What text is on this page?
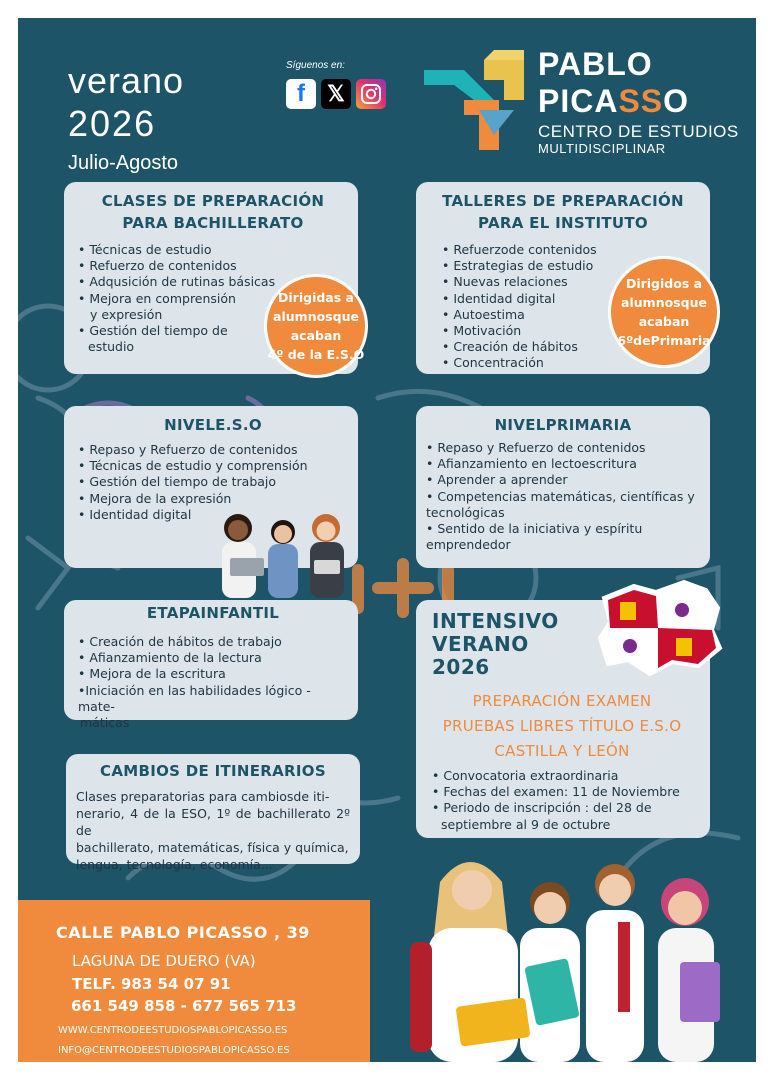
verano
2026
Julio-Agosto
Síguenos en:
f	𝕏
PABLO
PICASSO
CENTRO DE ESTUDIOS
MULTIDISCIPLINAR
CLASES DE PREPARACIÓN
PARA BACHILLERATO
• Técnicas de estudio
• Refuerzo de contenidos
• Adqusición de rutinas básicas
• Mejora en comprensión
y expresión
• Gestión del tiempo de
estudio
Dirigidas a
alumnosque
acaban
4º de la E.S.O
TALLERES DE PREPARACIÓN
PARA EL INSTITUTO
• Refuerzode contenidos
• Estrategias de estudio
• Nuevas relaciones
• Identidad digital
• Autoestima
• Motivación
• Creación de hábitos
• Concentración
Dirigidos a
alumnosque
acaban
6ºdePrimaria
NIVELE.S.O
• Repaso y Refuerzo de contenidos
• Técnicas de estudio y comprensión
• Gestión del tiempo de trabajo
• Mejora de la expresión
• Identidad digital
NIVELPRIMARIA
• Repaso y Refuerzo de contenidos
• Afianzamiento en lectoescritura
• Aprender a aprender
• Competencias matemáticas, científicas y
tecnológicas
• Sentido de la iniciativa y espíritu
emprendedor
ETAPAINFANTIL
• Creación de hábitos de trabajo
• Afianzamiento de la lectura
• Mejora de la escritura
•Iniciación en las habilidades lógico - mate-
máticas
INTENSIVO
VERANO
2026
PREPARACIÓN EXAMEN
PRUEBAS LIBRES TÍTULO E.S.O
CASTILLA Y LEÓN
• Convocatoria extraordinaria
• Fechas del examen: 11 de Noviembre
• Periodo de inscripción : del 28 de
septiembre al 9 de octubre
CAMBIOS DE ITINERARIOS

Clases preparatorias para cambiosde iti-
nerario, 4 de la ESO, 1º de bachillerato 2º de
bachillerato, matemáticas, física y química,
lengua, tecnología, economía...

CALLE PABLO PICASSO , 39
LAGUNA DE DUERO (VA)
TELF. 983 54 07 91
661 549 858 - 677 565 713
WWW.CENTRODEESTUDIOSPABLOPICASSO.ES
INFO@CENTRODEESTUDIOSPABLOPICASSO.ES
